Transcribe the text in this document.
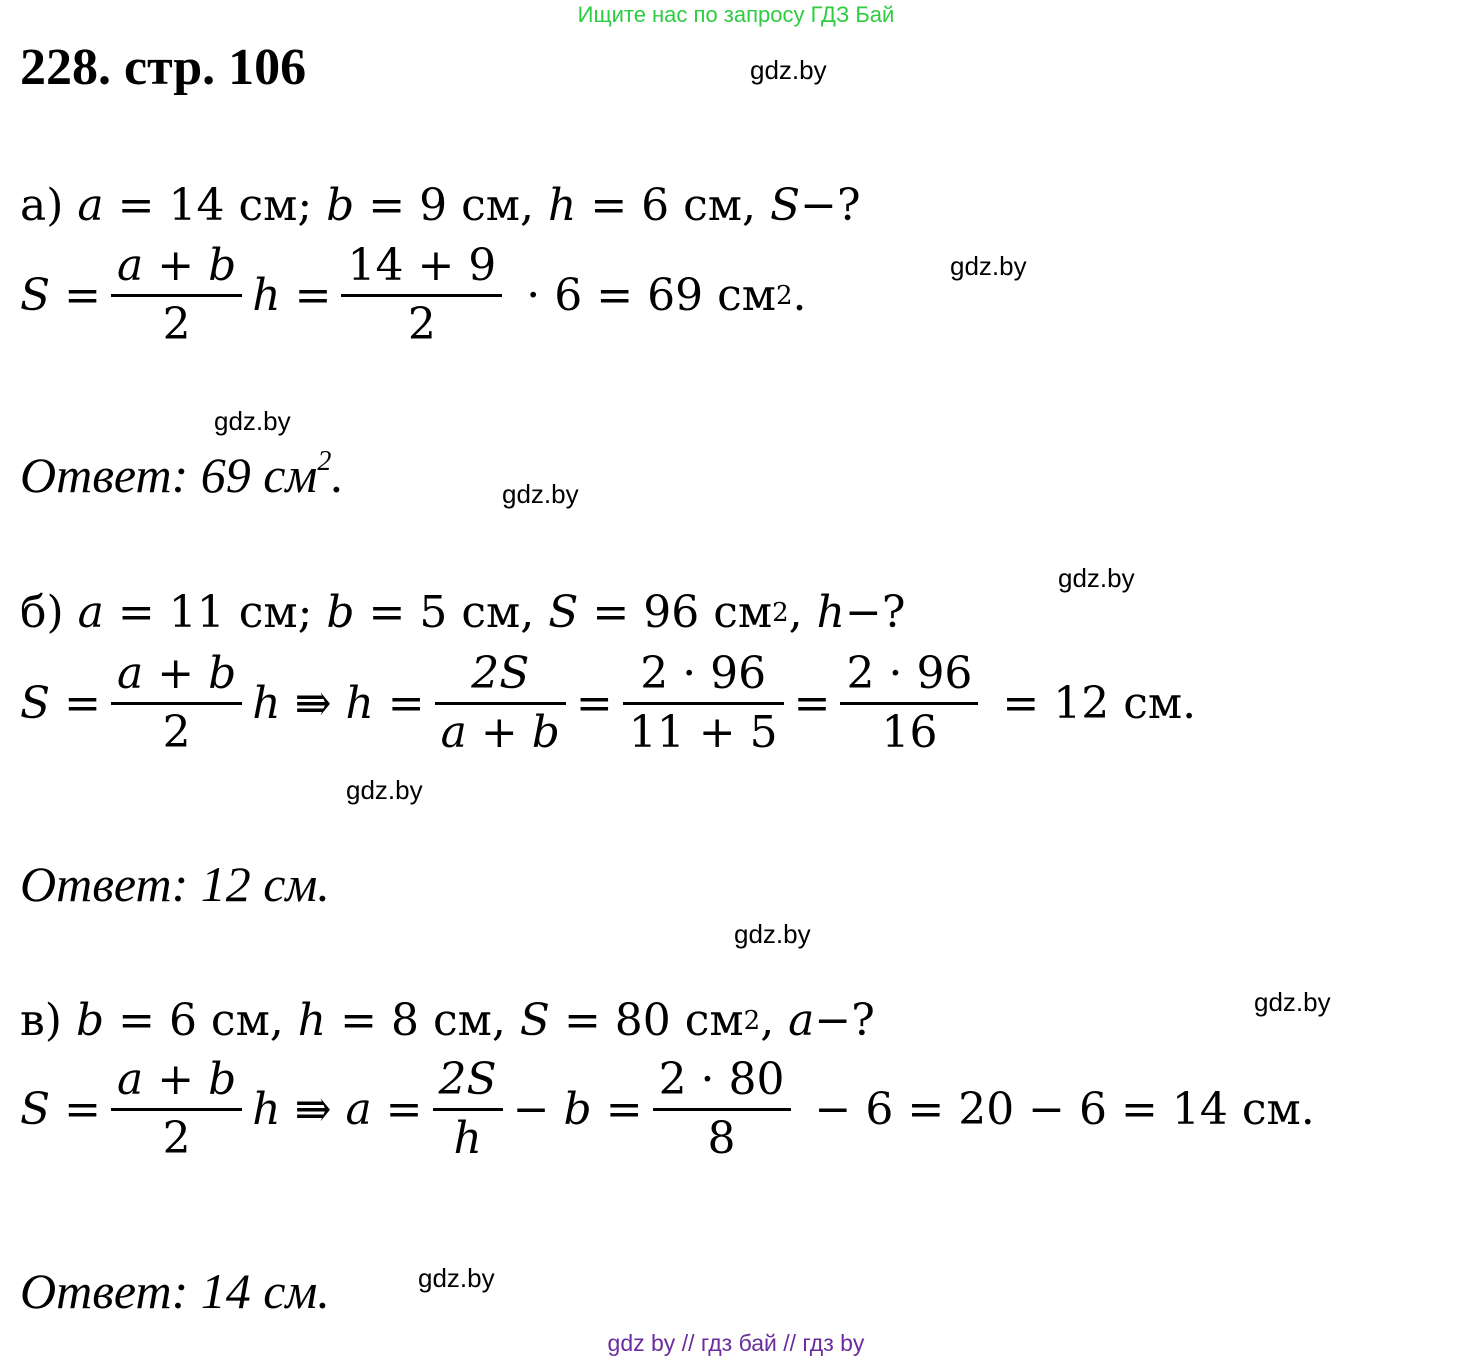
Ищите нас по запросу ГДЗ Бай
228. стр. 106	gdz.by
gdz.by
gdz.by
gdz.by
gdz.by
gdz.by
gdz.by
gdz.by
gdz.by
а)
a = 14 см; b = 9 см, h = 6 см, S −?
$S = \frac{a + b}{2}$ $h = \frac{14 + 9}{2} \cdot 6 = 69$ см 2 .
Ответ: 69 $см^2$.
б)
a = 11 см; b = 5 см, S = 96 см 2 , h −?
$S = \frac{a + b}{2}$ h ⇛ $h = \frac{2S}{a + b} = \frac{2 \cdot 96}{11 + 5} = \frac{2 \cdot 96}{16} = 12$ см.
Ответ: 12 см.
в)
b = 6 см, h = 8 см, S = 80 см 2 , a −?
$S = \frac{a + b}{2}$ h ⇛ $a = \frac{2S}{h} - b = \frac{2 \cdot 80}{8} - 6 = 20 - 6 = 14$ см.
Ответ: 14 см.
gdz by // гдз бай // гдз by
